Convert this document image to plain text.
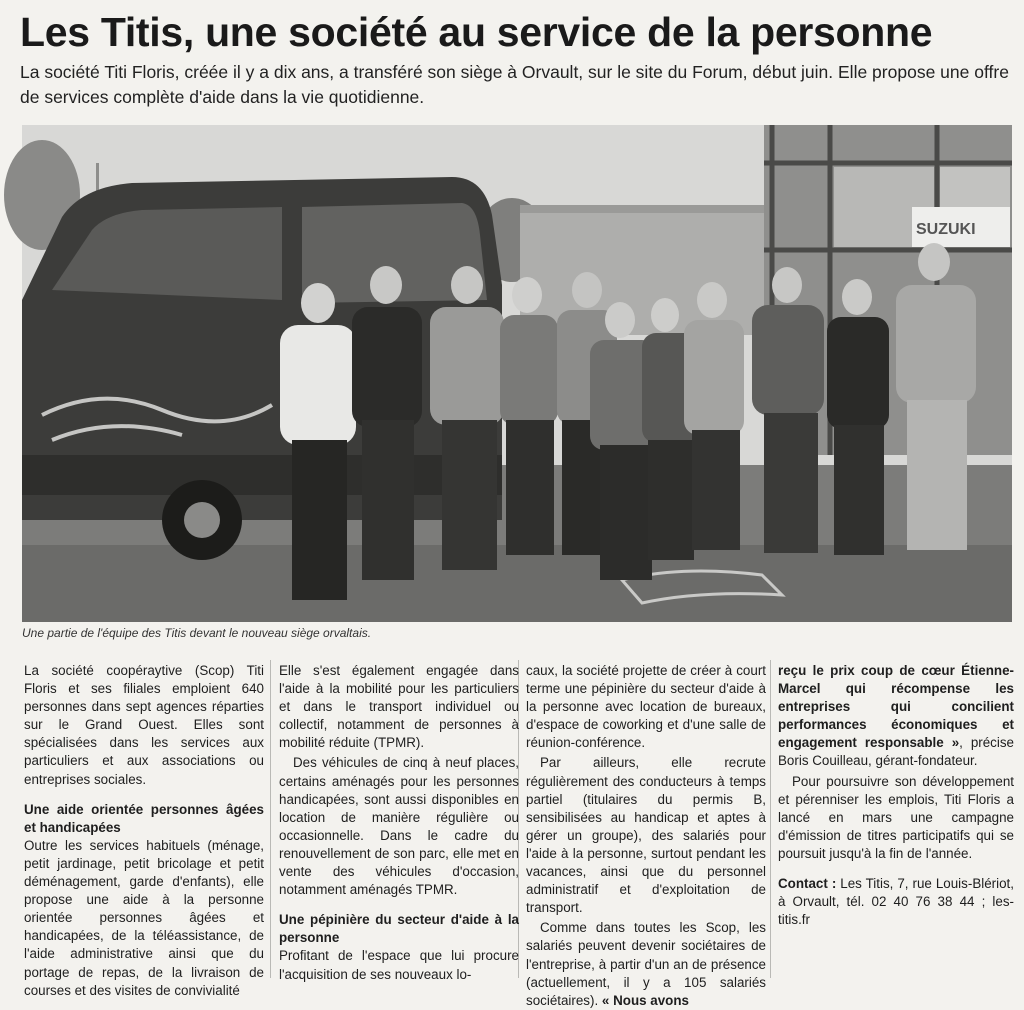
Les Titis, une société au service de la personne

La société Titi Floris, créée il y a dix ans, a transféré son siège à Orvault, sur le site du Forum, début juin. Elle propose une offre de services complète d'aide dans la vie quotidienne.

SUZUKI
Une partie de l'équipe des Titis devant le nouveau siège orvaltais.

La société coopéraytive (Scop) Titi Floris et ses filiales emploient 640 personnes dans sept agences réparties sur le Grand Ouest. Elles sont spécialisées dans les services aux particuliers et aux associations ou entreprises sociales.

Une aide orientée personnes âgées et handicapées

Outre les services habituels (ménage, petit jardinage, petit bricolage et petit déménagement, garde d'enfants), elle propose une aide à la personne orientée personnes âgées et handicapées, de la téléassistance, de l'aide administrative ainsi que du portage de repas, de la livraison de courses et des visites de convivialité

Elle s'est également engagée dans l'aide à la mobilité pour les particuliers et dans le transport individuel ou collectif, notamment de personnes à mobilité réduite (TPMR).

Des véhicules de cinq à neuf places, certains aménagés pour les personnes handicapées, sont aussi disponibles en location de manière régulière ou occasionnelle. Dans le cadre du renouvellement de son parc, elle met en vente des véhicules d'occasion, notamment aménagés TPMR.

Une pépinière du secteur d'aide à la personne

Profitant de l'espace que lui procure l'acquisition de ses nouveaux lo-

caux, la société projette de créer à court terme une pépinière du secteur d'aide à la personne avec location de bureaux, d'espace de coworking et d'une salle de réunion-conférence.

Par ailleurs, elle recrute régulièrement des conducteurs à temps partiel (titulaires du permis B, sensibilisées au handicap et aptes à gérer un groupe), des salariés pour l'aide à la personne, surtout pendant les vacances, ainsi que du personnel administratif et d'exploitation de transport.

Comme dans toutes les Scop, les salariés peuvent devenir sociétaires de l'entreprise, à partir d'un an de présence (actuellement, il y a 105 salariés sociétaires). « Nous avons

reçu le prix coup de cœur Étienne-Marcel qui récompense les entreprises qui concilient performances économiques et engagement responsable », précise Boris Couilleau, gérant-fondateur.

Pour poursuivre son développement et pérenniser les emplois, Titi Floris a lancé en mars une campagne d'émission de titres participatifs qui se poursuit jusqu'à la fin de l'année.

Contact : Les Titis, 7, rue Louis-Blériot, à Orvault, tél. 02 40 76 38 44 ; les-titis.fr
